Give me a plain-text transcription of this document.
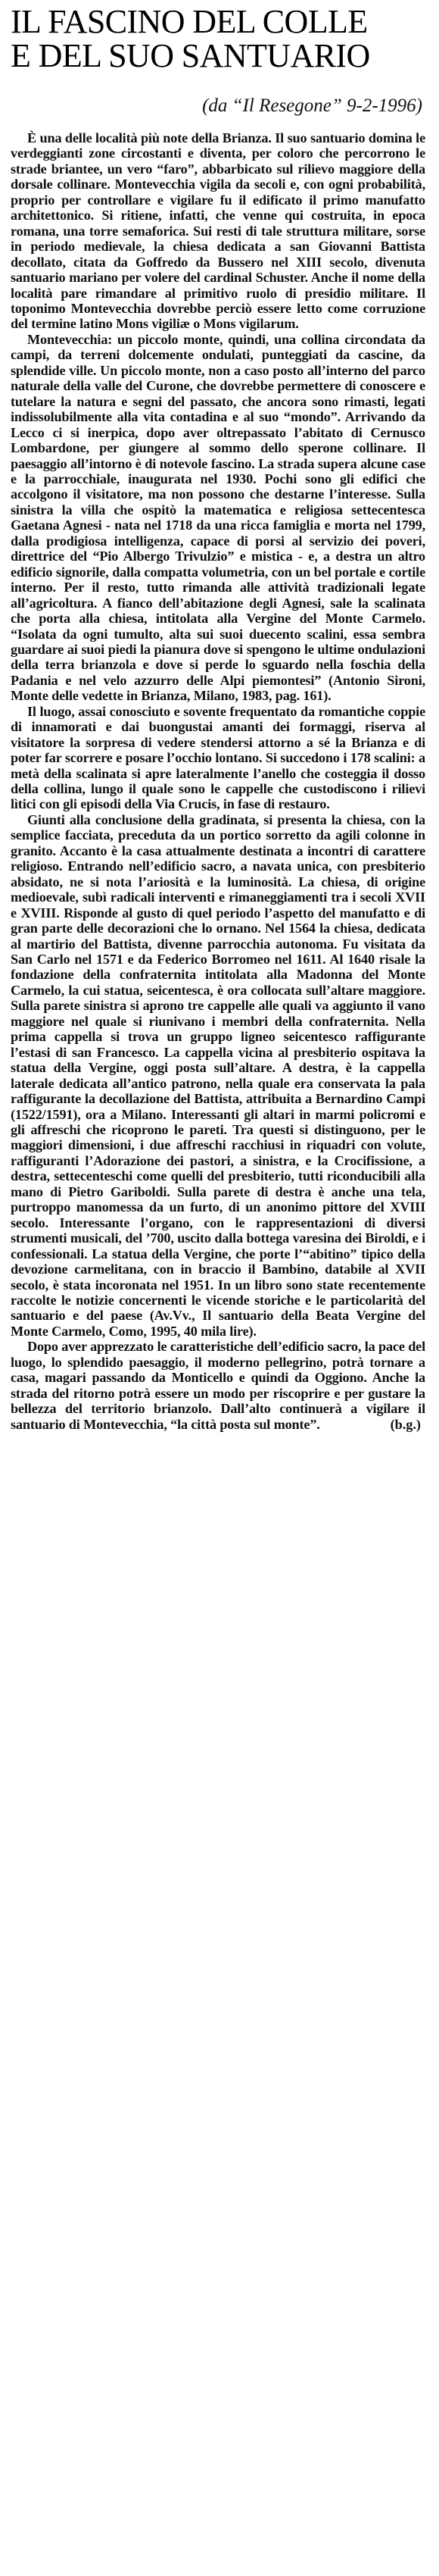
IL FASCINO DEL COLLE
E DEL SUO SANTUARIO
(da “Il Resegone” 9-2-1996)

È una delle località più note della Brianza. Il suo santuario domina le verdeggianti zone circostanti e diventa, per coloro che percorrono le strade briantee, un vero “faro”, abbarbicato sul rilievo maggiore della dorsale collinare. Montevecchia vigila da secoli e, con ogni probabilità, proprio per controllare e vigilare fu il edificato il primo manufatto architettonico. Si ritiene, infatti, che venne qui costruita, in epoca romana, una torre semaforica. Sui resti di tale struttura militare, sorse in periodo medievale, la chiesa dedicata a san Giovanni Battista decollato, citata da Goffredo da Bussero nel XIII secolo, divenuta santuario mariano per volere del cardinal Schuster. Anche il nome della località pare rimandare al primitivo ruolo di presidio militare. Il toponimo Montevecchia dovrebbe perciò essere letto come corruzione del termine latino Mons vigiliæ o Mons vigilarum.

Montevecchia: un piccolo monte, quindi, una collina circondata da campi, da terreni dolcemente ondulati, punteggiati da cascine, da splendide ville. Un piccolo monte, non a caso posto all’interno del parco naturale della valle del Curone, che dovrebbe permettere di conoscere e tutelare la natura e segni del passato, che ancora sono rimasti, legati indissolubilmente alla vita contadina e al suo “mondo”. Arrivando da Lecco ci si inerpica, dopo aver oltrepassato l’abitato di Cernusco Lombardone, per giungere al sommo dello sperone collinare. Il paesaggio all’intorno è di notevole fascino. La strada supera alcune case e la parrocchiale, inaugurata nel 1930. Pochi sono gli edifici che accolgono il visitatore, ma non possono che destarne l’interesse. Sulla sinistra la villa che ospitò la matematica e religiosa settecentesca Gaetana Agnesi - nata nel 1718 da una ricca famiglia e morta nel 1799, dalla prodigiosa intelligenza, capace di porsi al servizio dei poveri, direttrice del “Pio Albergo Trivulzio” e mistica - e, a destra un altro edificio signorile, dalla compatta volumetria, con un bel portale e cortile interno. Per il resto, tutto rimanda alle attività tradizionali legate all’agricoltura. A fianco dell’abitazione degli Agnesi, sale la scalinata che porta alla chiesa, intitolata alla Vergine del Monte Carmelo. “Isolata da ogni tumulto, alta sui suoi duecento scalini, essa sembra guardare ai suoi piedi la pianura dove si spengono le ultime ondulazioni della terra brianzola e dove si perde lo sguardo nella foschia della Padania e nel velo azzurro delle Alpi piemontesi” (Antonio Sironi, Monte delle vedette in Brianza, Milano, 1983, pag. 161).

Il luogo, assai conosciuto e sovente frequentato da romantiche coppie di innamorati e dai buongustai amanti dei formaggi, riserva al visitatore la sorpresa di vedere stendersi attorno a sé la Brianza e di poter far scorrere e posare l’occhio lontano. Si succedono i 178 scalini: a metà della scalinata si apre lateralmente l’anello che costeggia il dosso della collina, lungo il quale sono le cappelle che custodiscono i rilievi lìtici con gli episodi della Via Crucis, in fase di restauro.

Giunti alla conclusione della gradinata, si presenta la chiesa, con la semplice facciata, preceduta da un portico sorretto da agili colonne in granito. Accanto è la casa attualmente destinata a incontri di carattere religioso. Entrando nell’edificio sacro, a navata unica, con presbiterio absidato, ne si nota l’ariosità e la luminosità. La chiesa, di origine medioevale, subì radicali interventi e rimaneggiamenti tra i secoli XVII e XVIII. Risponde al gusto di quel periodo l’aspetto del manufatto e di gran parte delle decorazioni che lo ornano. Nel 1564 la chiesa, dedicata al martirio del Battista, divenne parrocchia autonoma. Fu visitata da San Carlo nel 1571 e da Federico Borromeo nel 1611. Al 1640 risale la fondazione della confraternita intitolata alla Madonna del Monte Carmelo, la cui statua, seicentesca, è ora collocata sull’altare maggiore. Sulla parete sinistra si aprono tre cappelle alle quali va aggiunto il vano maggiore nel quale si riunivano i membri della confraternita. Nella prima cappella si trova un gruppo ligneo seicentesco raffigurante l’estasi di san Francesco. La cappella vicina al presbiterio ospitava la statua della Vergine, oggi posta sull’altare. A destra, è la cappella laterale dedicata all’antico patrono, nella quale era conservata la pala raffigurante la decollazione del Battista, attribuita a Bernardino Campi (1522/1591), ora a Milano. Interessanti gli altari in marmi policromi e gli affreschi che ricoprono le pareti. Tra questi si distinguono, per le maggiori dimensioni, i due affreschi racchiusi in riquadri con volute, raffiguranti l’Adorazione dei pastori, a sinistra, e la Crocifissione, a destra, settecenteschi come quelli del presbiterio, tutti riconducibili alla mano di Pietro Gariboldi. Sulla parete di destra è anche una tela, purtroppo manomessa da un furto, di un anonimo pittore del XVIII secolo. Interessante l’organo, con le rappresentazioni di diversi strumenti musicali, del ’700, uscito dalla bottega varesina dei Biroldi, e i confessionali. La statua della Vergine, che porte l’“abitino” tipico della devozione carmelitana, con in braccio il Bambino, databile al XVII secolo, è stata incoronata nel 1951. In un libro sono state recentemente raccolte le notizie concernenti le vicende storiche e le particolarità del santuario e del paese (Av.Vv., Il santuario della Beata Vergine del Monte Carmelo, Como, 1995, 40 mila lire).

Dopo aver apprezzato le caratteristiche dell’edificio sacro, la pace del luogo, lo splendido paesaggio, il moderno pellegrino, potrà tornare a casa, magari passando da Monticello e quindi da Oggiono. Anche la strada del ritorno potrà essere un modo per riscoprire e per gustare la bellezza del territorio brianzolo. Dall’alto continuerà a vigilare il santuario di Montevecchia, “la città posta sul monte”.	(b.g.)
